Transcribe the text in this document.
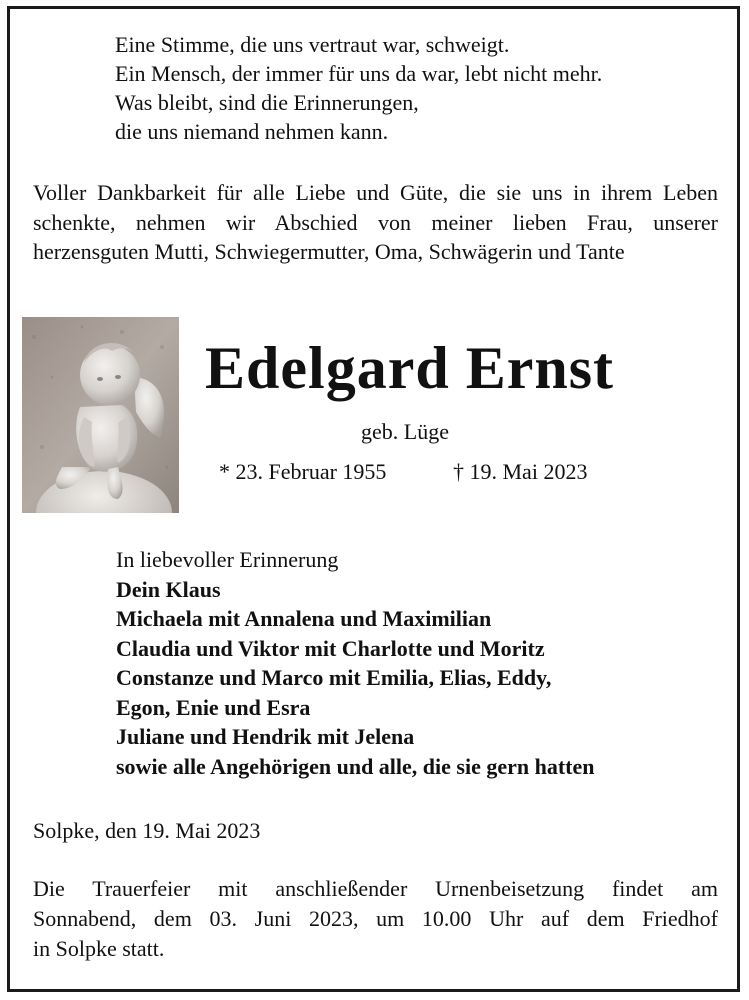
Eine Stimme, die uns vertraut war, schweigt.
Ein Mensch, der immer für uns da war, lebt nicht mehr.
Was bleibt, sind die Erinnerungen,
die uns niemand nehmen kann.
Voller Dankbarkeit für alle Liebe und Güte, die sie uns in ihrem Leben schenkte, nehmen wir Abschied von meiner lieben Frau, unserer herzensguten Mutti, Schwiegermutter, Oma, Schwägerin und Tante
Edelgard Ernst
geb. Lüge
* 23. Februar 1955	† 19. Mai 2023
In liebevoller Erinnerung
Dein Klaus
Michaela mit Annalena und Maximilian
Claudia und Viktor mit Charlotte und Moritz
Constanze und Marco mit Emilia, Elias, Eddy,
Egon, Enie und Esra
Juliane und Hendrik mit Jelena
sowie alle Angehörigen und alle, die sie gern hatten
Solpke, den 19. Mai 2023
Die Trauerfeier mit anschließender Urnenbeisetzung findet am
Sonnabend, dem 03. Juni 2023, um 10.00 Uhr auf dem Friedhof
in Solpke statt.
